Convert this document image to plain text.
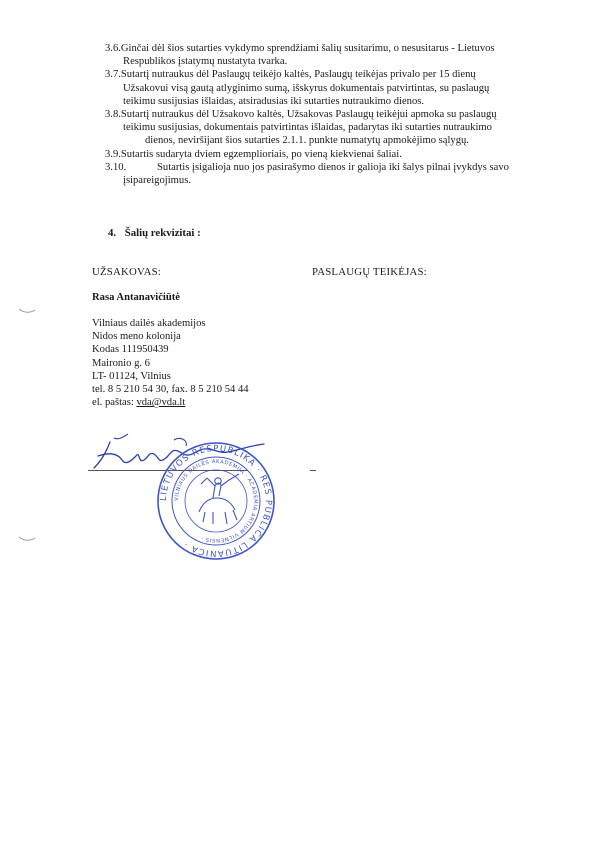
3.6.Ginčai dėl šios sutarties vykdymo sprendžiami šalių susitarimu, o nesusitarus - Lietuvos
Respublikos įstatymų nustatyta tvarka.
3.7.Sutartį nutraukus dėl Paslaugų teikėjo kaltės, Paslaugų teikėjas privalo per 15 dienų
Užsakovui visą gautą atlyginimo sumą, išskyrus dokumentais patvirtintas, su paslaugų
teikimu susijusias išlaidas, atsiradusias iki sutarties nutraukimo dienos.
3.8.Sutartį nutraukus dėl Užsakovo kaltės, Užsakovas Paslaugų teikėjui apmoka su paslaugų
teikimu susijusias, dokumentais patvirtintas išlaidas, padarytas iki sutarties nutraukimo
dienos, neviršijant šios sutarties 2.1.1. punkte numatytų apmokėjimo sąlygų.
3.9.Sutartis sudaryta dviem egzemplioriais, po vieną kiekvienai šaliai.
3.10.	Sutartis įsigalioja nuo jos pasirašymo dienos ir galioja iki šalys pilnai įvykdys savo
įsipareigojimus.
4. Šalių rekvizitai :
UŽSAKOVAS:	PASLAUGŲ TEIKĖJAS:
Rasa Antanavičiūtė
Vilniaus dailės akademijos
Nidos meno kolonija
Kodas 111950439
Maironio g. 6
LT- 01124, Vilnius
tel. 8 5 210 54 30, fax. 8 5 210 54 44
el. paštas: vda@vda.lt
LIETUVOS RESPUBLIKA · RES PUBLICA LITUANICA ·
VILNIAUS DAILĖS AKADEMIJA · ACADEMIA ARTIUM VILNENSIS ·
